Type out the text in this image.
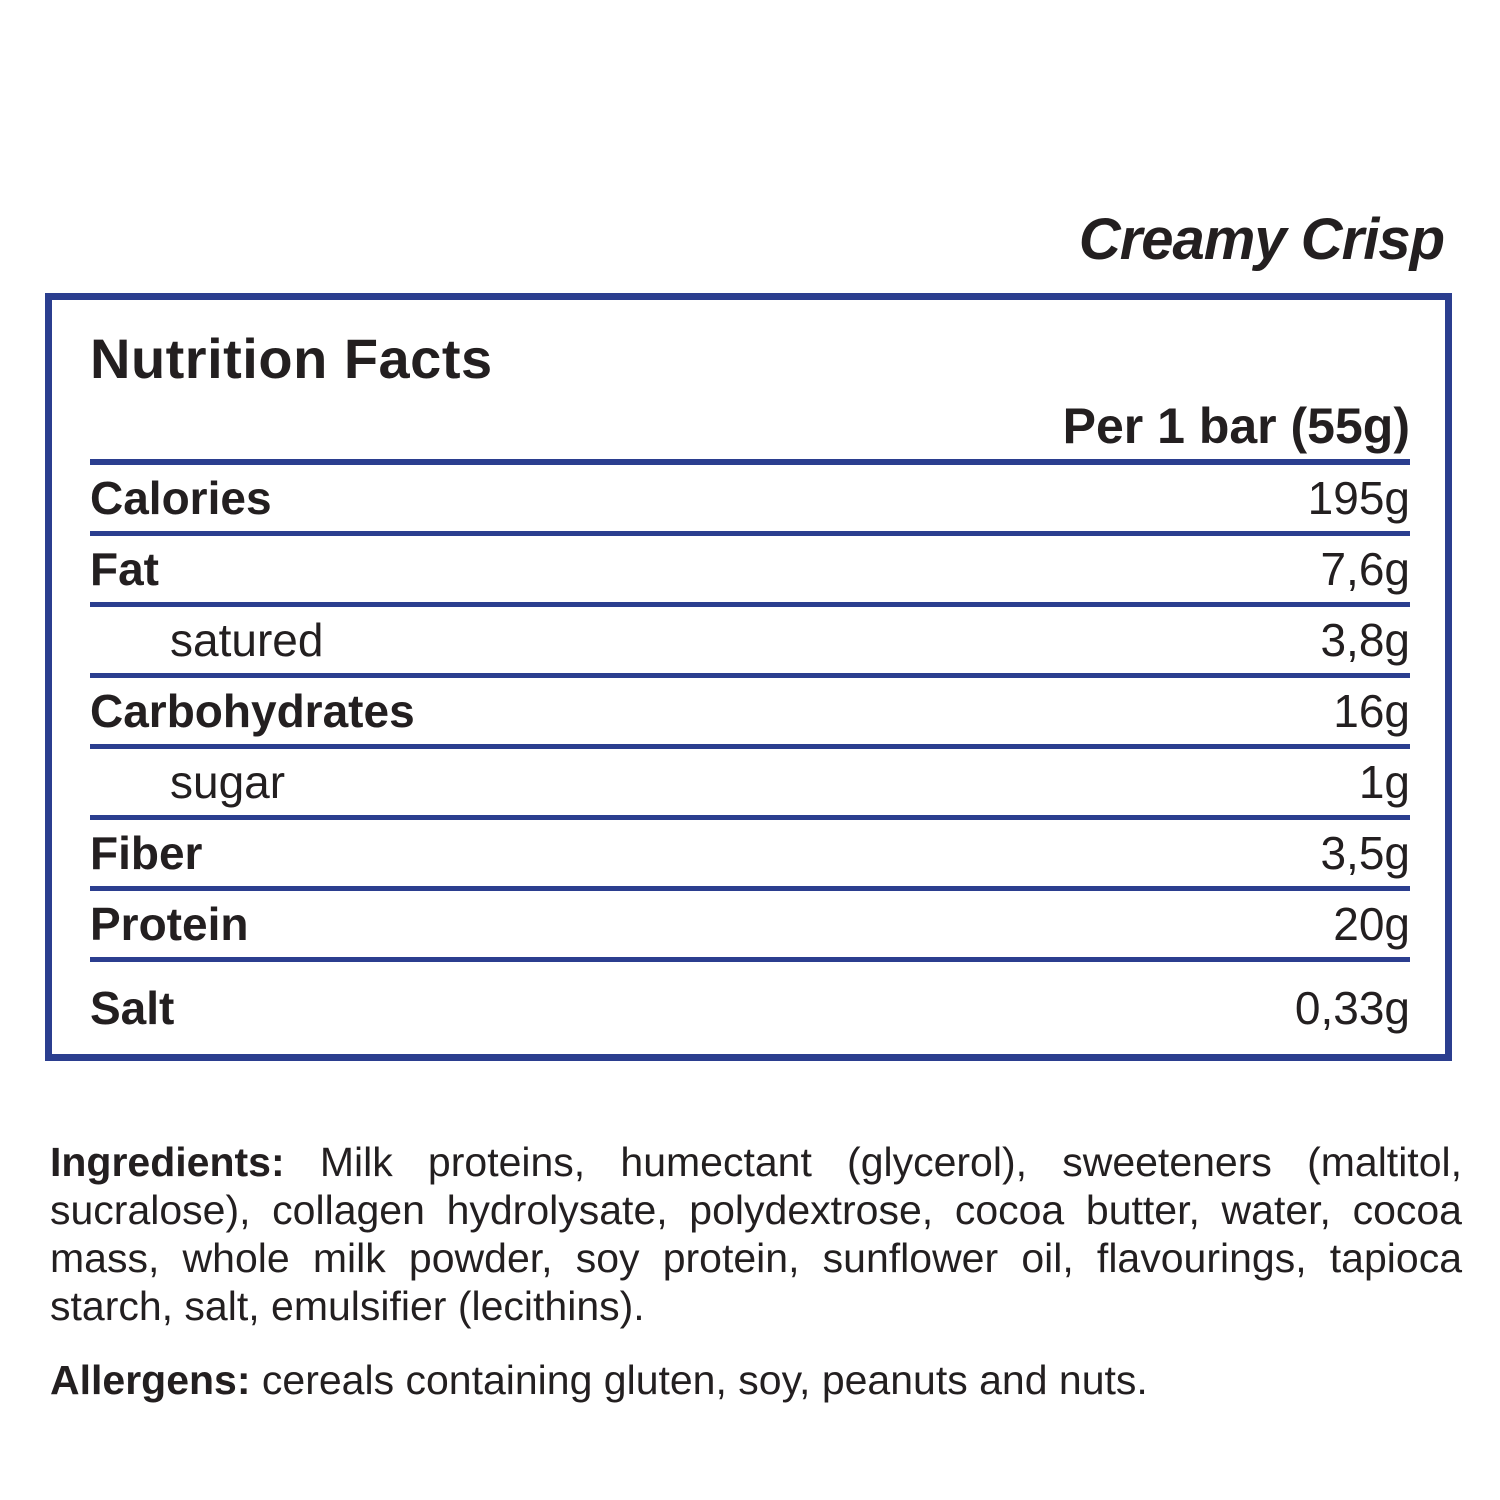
Creamy Crisp
Nutrition Facts
Per 1 bar (55g)
Calories	195g
Fat	7,6g
satured	3,8g
Carbohydrates	16g
sugar	1g
Fiber	3,5g
Protein	20g
Salt	0,33g

Ingredients: Milk proteins, humectant (glycerol), sweeteners (maltitol, sucralose), collagen hydrolysate, polydextrose, cocoa butter, water, cocoa mass, whole milk powder, soy protein, sunflower oil, flavourings, tapioca starch, salt, emulsifier (lecithins).

Allergens: cereals containing gluten, soy, peanuts and nuts.
